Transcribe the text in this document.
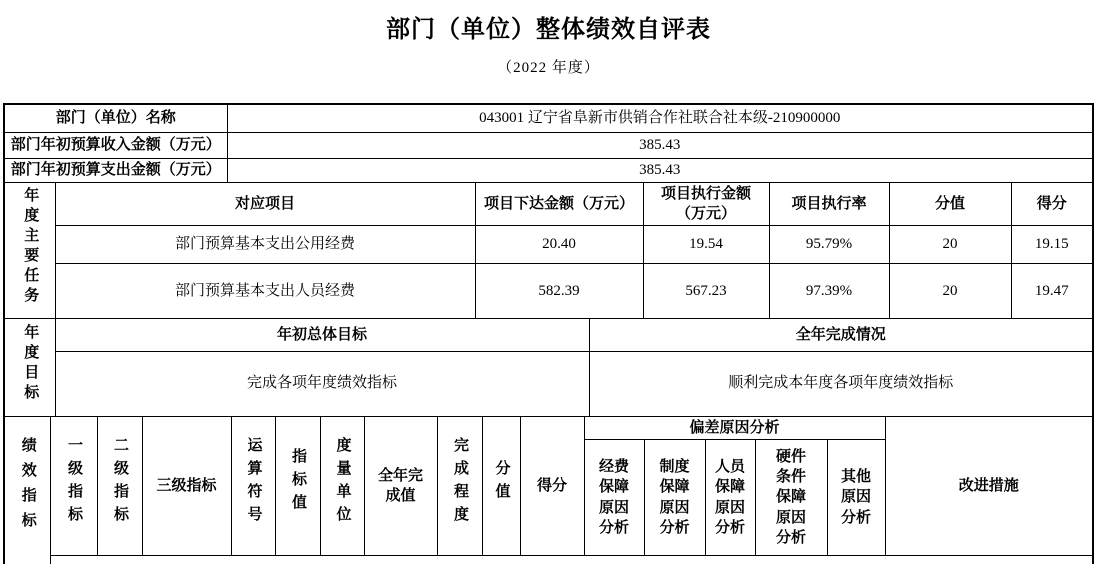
部门（单位）整体绩效自评表
（2022 年度）
部门（单位）名称	043001 辽宁省阜新市供销合作社联合社本级-210900000
部门年初预算收入金额（万元）	385.43
部门年初预算支出金额（万元）	385.43
年度主要任务	对应项目	项目下达金额（万元）	项目执行金额（万元）	项目执行率	分值	得分
	部门预算基本支出公用经费	20.40	19.54	95.79%	20	19.15
	部门预算基本支出人员经费	582.39	567.23	97.39%	20	19.47
年度目标	年初总体目标	全年完成情况
	完成各项年度绩效指标	顺利完成本年度各项年度绩效指标
绩效指标	一级指标	二级指标	三级指标	运算符号	指标值	度量单位	全年完成值	完成程度	分值	得分	偏差原因分析					改进措施
											经费保障原因分析	制度保障原因分析	人员保障原因分析	硬件条件保障原因分析	其他原因分析	
